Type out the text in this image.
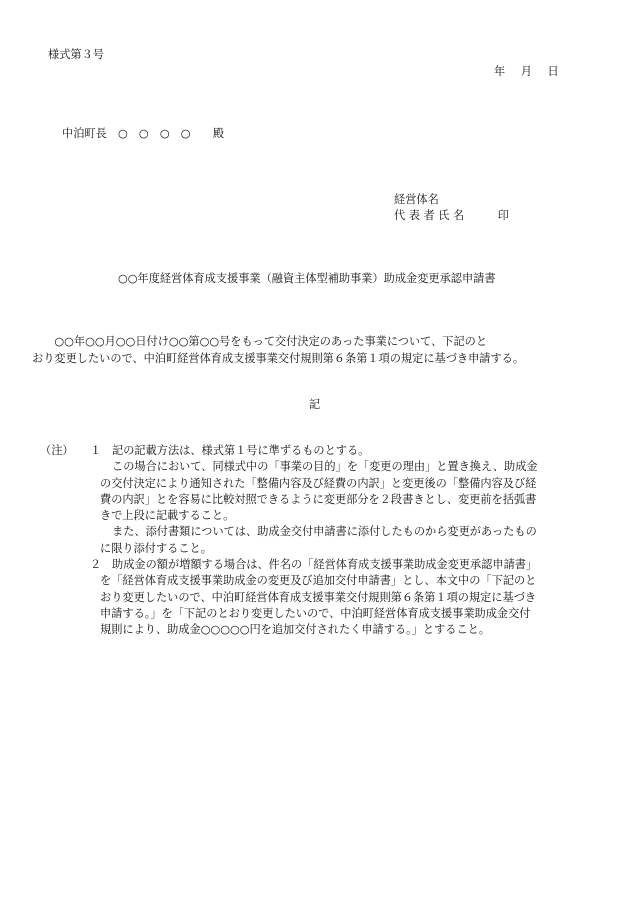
様式第３号
年 月 日
中泊町長　○　○　○　○　　殿
経営体名
代 表 者 氏 名　　　印
○○年度経営体育成支援事業（融資主体型補助事業）助成金変更承認申請書

　　○○年○○月○○日付け○○第○○号をもって交付決定のあった事業について、下記のと

おり変更したいので、中泊町経営体育成支援事業交付規則第６条第１項の規定に基づき申請する。

記
（注） １ 記の記載方法は、様式第１号に準ずるものとする。
この場合において、同様式中の「事業の目的」を「変更の理由」と置き換え、助成金
の交付決定により通知された「整備内容及び経費の内訳」と変更後の「整備内容及び経
費の内訳」とを容易に比較対照できるように変更部分を２段書きとし、変更前を括弧書
きで上段に記載すること。
また、添付書類については、助成金交付申請書に添付したものから変更があったもの
に限り添付すること。
２ 助成金の額が増額する場合は、件名の「経営体育成支援事業助成金変更承認申請書」
を「経営体育成支援事業助成金の変更及び追加交付申請書」とし、本文中の「下記のと
おり変更したいので、中泊町経営体育成支援事業交付規則第６条第１項の規定に基づき
申請する。」を「下記のとおり変更したいので、中泊町経営体育成支援事業助成金交付
規則により、助成金○○○○○円を追加交付されたく申請する。」とすること。
